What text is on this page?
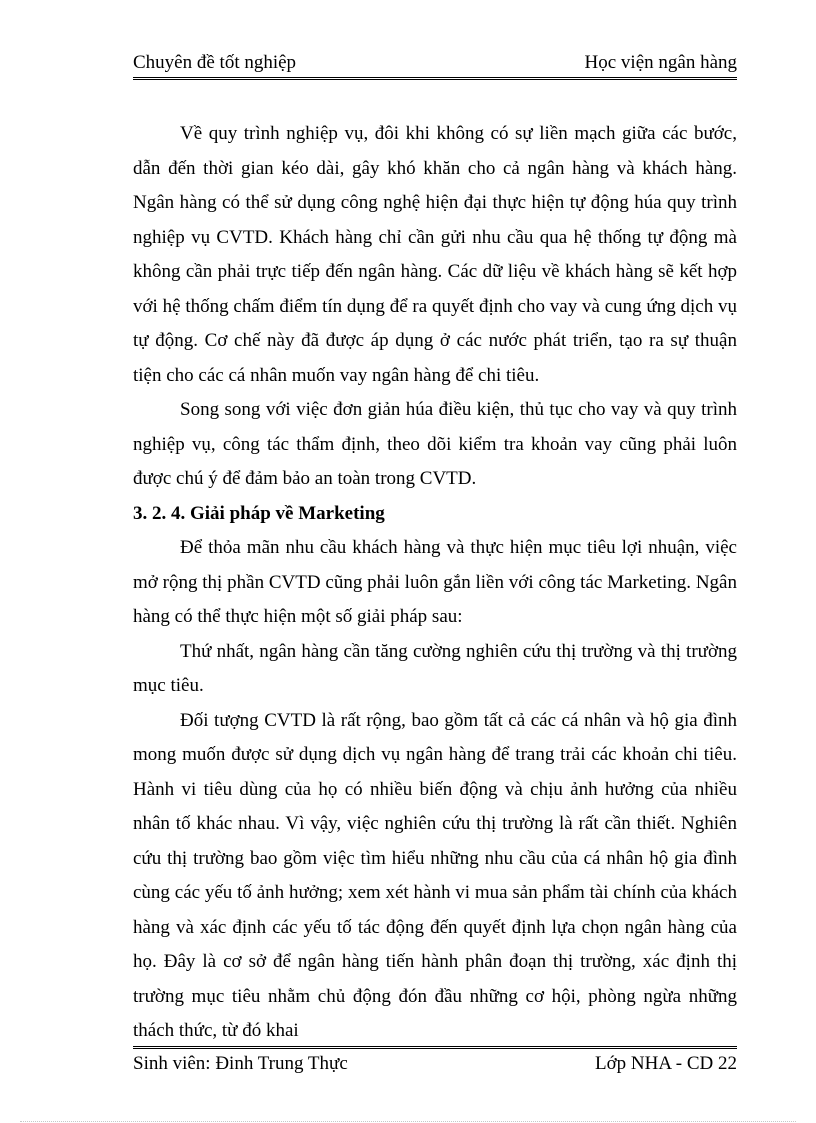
Chuyên đề tốt nghiệp	Học viện ngân hàng

Về quy trình nghiệp vụ, đôi khi không có sự liền mạch giữa các bước, dẫn đến thời gian kéo dài, gây khó khăn cho cả ngân hàng và khách hàng. Ngân hàng có thể sử dụng công nghệ hiện đại thực hiện tự động húa quy trình nghiệp vụ CVTD. Khách hàng chỉ cần gửi nhu cầu qua hệ thống tự động mà không cần phải trực tiếp đến ngân hàng. Các dữ liệu về khách hàng sẽ kết hợp với hệ thống chấm điểm tín dụng để ra quyết định cho vay và cung ứng dịch vụ tự động. Cơ chế này đã được áp dụng ở các nước phát triển, tạo ra sự thuận tiện cho các cá nhân muốn vay ngân hàng để chi tiêu.

Song song với việc đơn giản húa điều kiện, thủ tục cho vay và quy trình nghiệp vụ, công tác thẩm định, theo dõi kiểm tra khoản vay cũng phải luôn được chú ý để đảm bảo an toàn trong CVTD.

3. 2. 4. Giải pháp về Marketing

Để thỏa mãn nhu cầu khách hàng và thực hiện mục tiêu lợi nhuận, việc mở rộng thị phần CVTD cũng phải luôn gắn liền với công tác Marketing. Ngân hàng có thể thực hiện một số giải pháp sau:

Thứ nhất, ngân hàng cần tăng cường nghiên cứu thị trường và thị trường mục tiêu.

Đối tượng CVTD là rất rộng, bao gồm tất cả các cá nhân và hộ gia đình mong muốn được sử dụng dịch vụ ngân hàng để trang trải các khoản chi tiêu. Hành vi tiêu dùng của họ có nhiều biến động và chịu ảnh hưởng của nhiều nhân tố khác nhau. Vì vậy, việc nghiên cứu thị trường là rất cần thiết. Nghiên cứu thị trường bao gồm việc tìm hiểu những nhu cầu của cá nhân hộ gia đình cùng các yếu tố ảnh hưởng; xem xét hành vi mua sản phẩm tài chính của khách hàng và xác định các yếu tố tác động đến quyết định lựa chọn ngân hàng của họ. Đây là cơ sở để ngân hàng tiến hành phân đoạn thị trường, xác định thị trường mục tiêu nhằm chủ động đón đầu những cơ hội, phòng ngừa những thách thức, từ đó khai

Sinh viên: Đinh Trung Thực	Lớp NHA - CD 22
